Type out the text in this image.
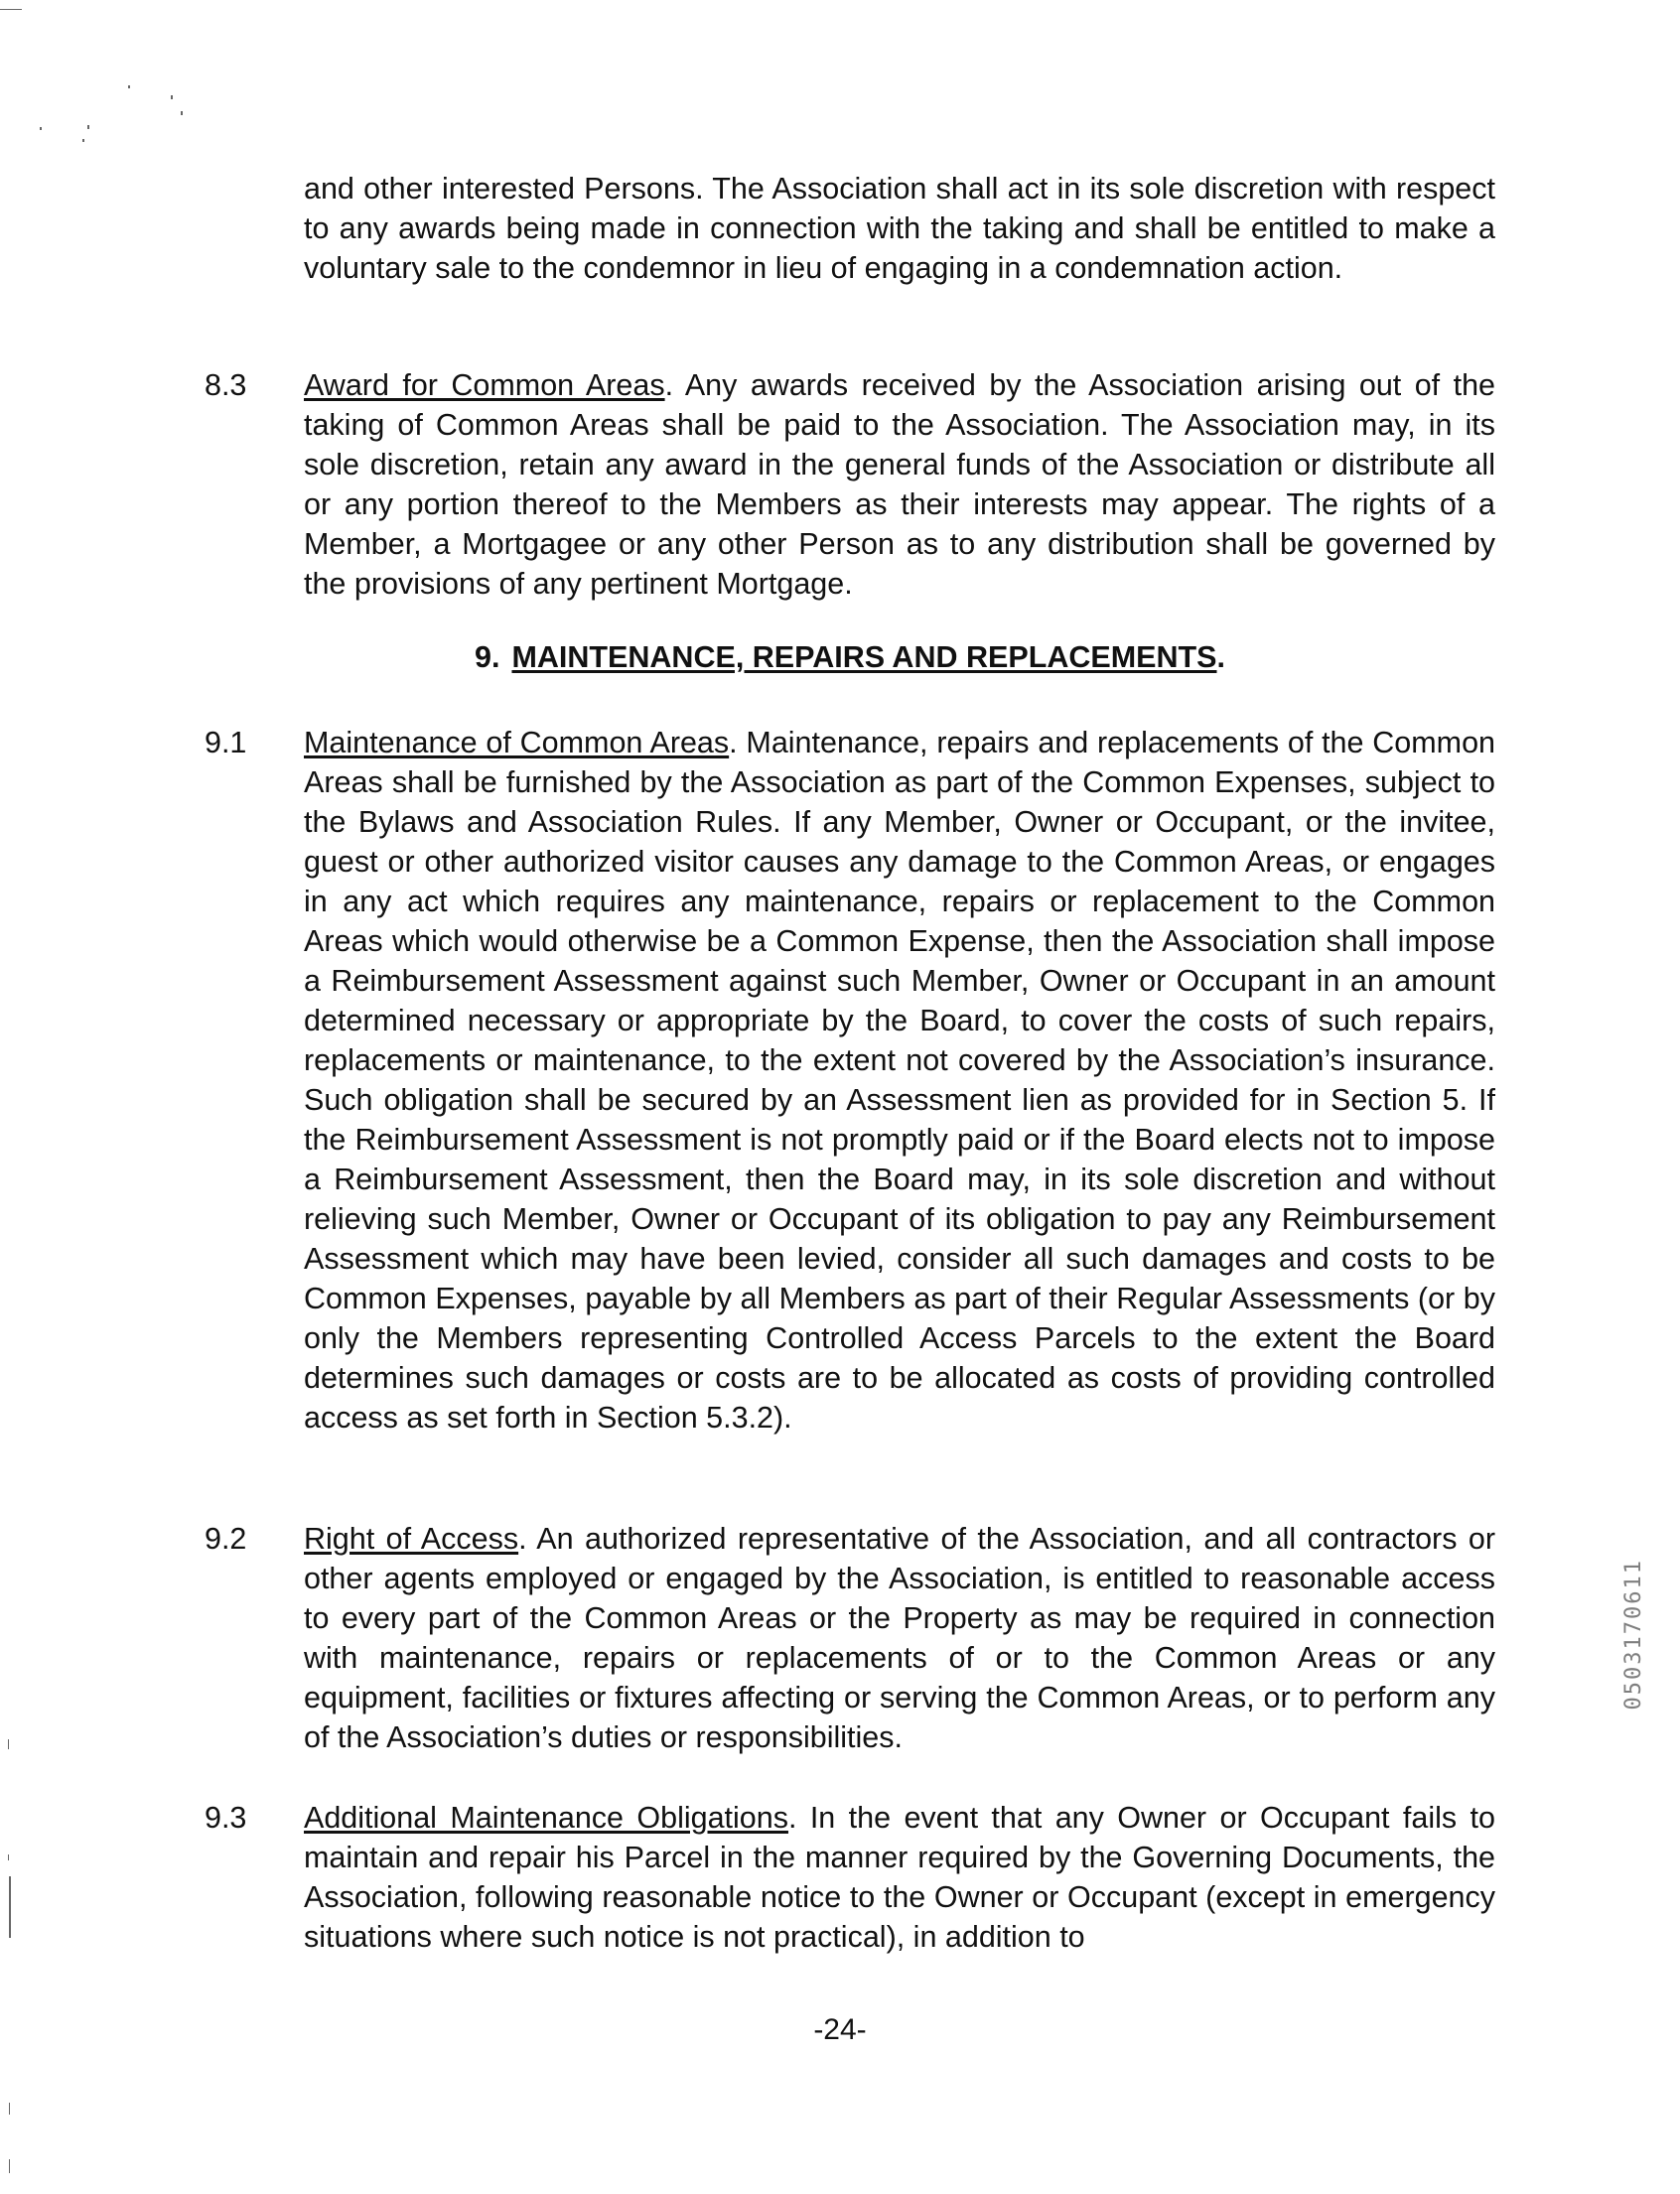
and other interested Persons. The Association shall act in its sole discretion with respect to any awards being made in connection with the taking and shall be entitled to make a voluntary sale to the condemnor in lieu of engaging in a condemnation action.

8.3 Award for Common Areas. Any awards received by the Association arising out of the taking of Common Areas shall be paid to the Association. The Association may, in its sole discretion, retain any award in the general funds of the Association or distribute all or any portion thereof to the Members as their interests may appear. The rights of a Member, a Mortgagee or any other Person as to any distribution shall be governed by the provisions of any pertinent Mortgage.

9. MAINTENANCE, REPAIRS AND REPLACEMENTS.
9.1 Maintenance of Common Areas. Maintenance, repairs and replacements of the Common Areas shall be furnished by the Association as part of the Common Expenses, subject to the Bylaws and Association Rules. If any Member, Owner or Occupant, or the invitee, guest or other authorized visitor causes any damage to the Common Areas, or engages in any act which requires any maintenance, repairs or replacement to the Common Areas which would otherwise be a Common Expense, then the Association shall impose a Reimbursement Assessment against such Member, Owner or Occupant in an amount determined necessary or appropriate by the Board, to cover the costs of such repairs, replacements or maintenance, to the extent not covered by the Association’s insurance. Such obligation shall be secured by an Assessment lien as provided for in Section 5. If the Reimbursement Assessment is not promptly paid or if the Board elects not to impose a Reimbursement Assessment, then the Board may, in its sole discretion and without relieving such Member, Owner or Occupant of its obligation to pay any Reimbursement Assessment which may have been levied, consider all such damages and costs to be Common Expenses, payable by all Members as part of their Regular Assessments (or by only the Members representing Controlled Access Parcels to the extent the Board determines such damages or costs are to be allocated as costs of providing controlled access as set forth in Section 5.3.2).

9.2 Right of Access. An authorized representative of the Association, and all contractors or other agents employed or engaged by the Association, is entitled to reasonable access to every part of the Common Areas or the Property as may be required in connection with maintenance, repairs or replacements of or to the Common Areas or any equipment, facilities or fixtures affecting or serving the Common Areas, or to perform any of the Association’s duties or responsibilities.

9.3 Additional Maintenance Obligations. In the event that any Owner or Occupant fails to maintain and repair his Parcel in the manner required by the Governing Documents, the Association, following reasonable notice to the Owner or Occupant (except in emergency situations where such notice is not practical), in addition to

-24-
0503170611
